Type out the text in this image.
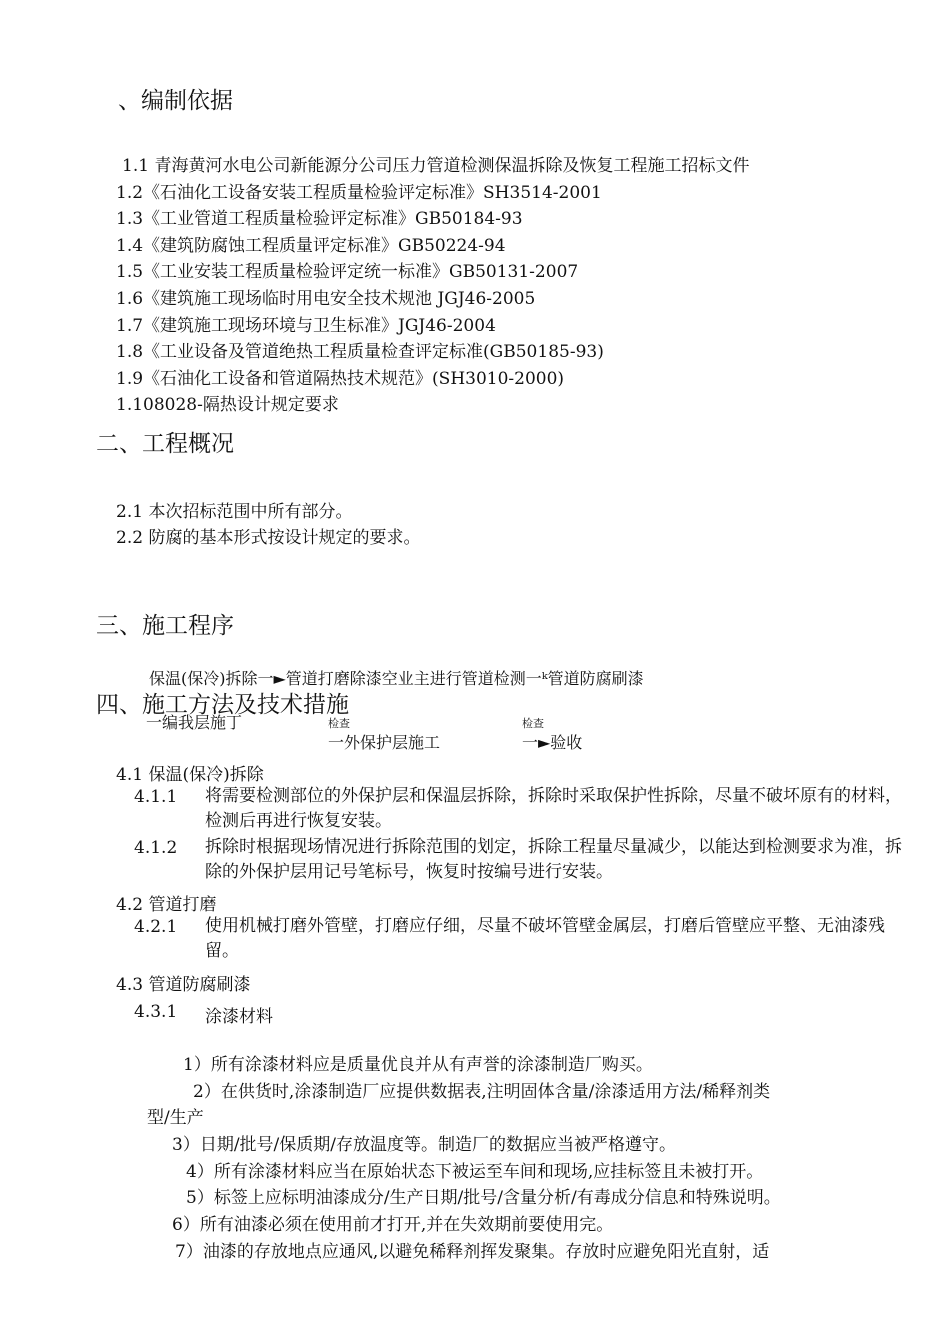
、编制依据
1.1 青海黄河水电公司新能源分公司压力管道检测保温拆除及恢复工程施工招标文件
1.2《石油化工设备安装工程质量检验评定标准》SH3514-2001
1.3《工业管道工程质量检验评定标准》GB50184-93
1.4《建筑防腐蚀工程质量评定标准》GB50224-94
1.5《工业安装工程质量检验评定统一标准》GB50131-2007
1.6《建筑施工现场临时用电安全技术规池 JGJ46-2005
1.7《建筑施工现场环境与卫生标准》JGJ46-2004
1.8《工业设备及管道绝热工程质量检查评定标准(GB50185-93)
1.9《石油化工设备和管道隔热技术规范》(SH3010-2000)
1.108028-隔热设计规定要求
二、工程概况
2.1 本次招标范围中所有部分。
2.2 防腐的基本形式按设计规定的要求。
三、施工程序
保温(保冷)拆除一►管道打磨除漆空业主进行管道检测一ᵏ管道防腐刷漆
四、施工方法及技术措施
检查	检查
一编我层施丁
一外保护层施工	一►验收
4.1 保温(保冷)拆除
4.1.1 将需要检测部位的外保护层和保温层拆除，拆除时采取保护性拆除，尽量不破坏原有的材料，检测后再进行恢复安装。
4.1.2 拆除时根据现场情况进行拆除范围的划定，拆除工程量尽量减少，以能达到检测要求为准，拆除的外保护层用记号笔标号，恢复时按编号进行安装。
4.2 管道打磨
4.2.1 使用机械打磨外管壁，打磨应仔细，尽量不破坏管壁金属层，打磨后管壁应平整、无油漆残留。
4.3 管道防腐刷漆
4.3.1 涂漆材料
1）所有涂漆材料应是质量优良并从有声誉的涂漆制造厂购买。
2）在供货时,涂漆制造厂应提供数据表,注明固体含量/涂漆适用方法/稀释剂类
型/生产
3）日期/批号/保质期/存放温度等。制造厂的数据应当被严格遵守。
4）所有涂漆材料应当在原始状态下被运至车间和现场,应挂标签且未被打开。
5）标签上应标明油漆成分/生产日期/批号/含量分析/有毒成分信息和特殊说明。
6）所有油漆必须在使用前才打开,并在失效期前要使用完。
7）油漆的存放地点应通风,以避免稀释剂挥发聚集。存放时应避免阳光直射，适
